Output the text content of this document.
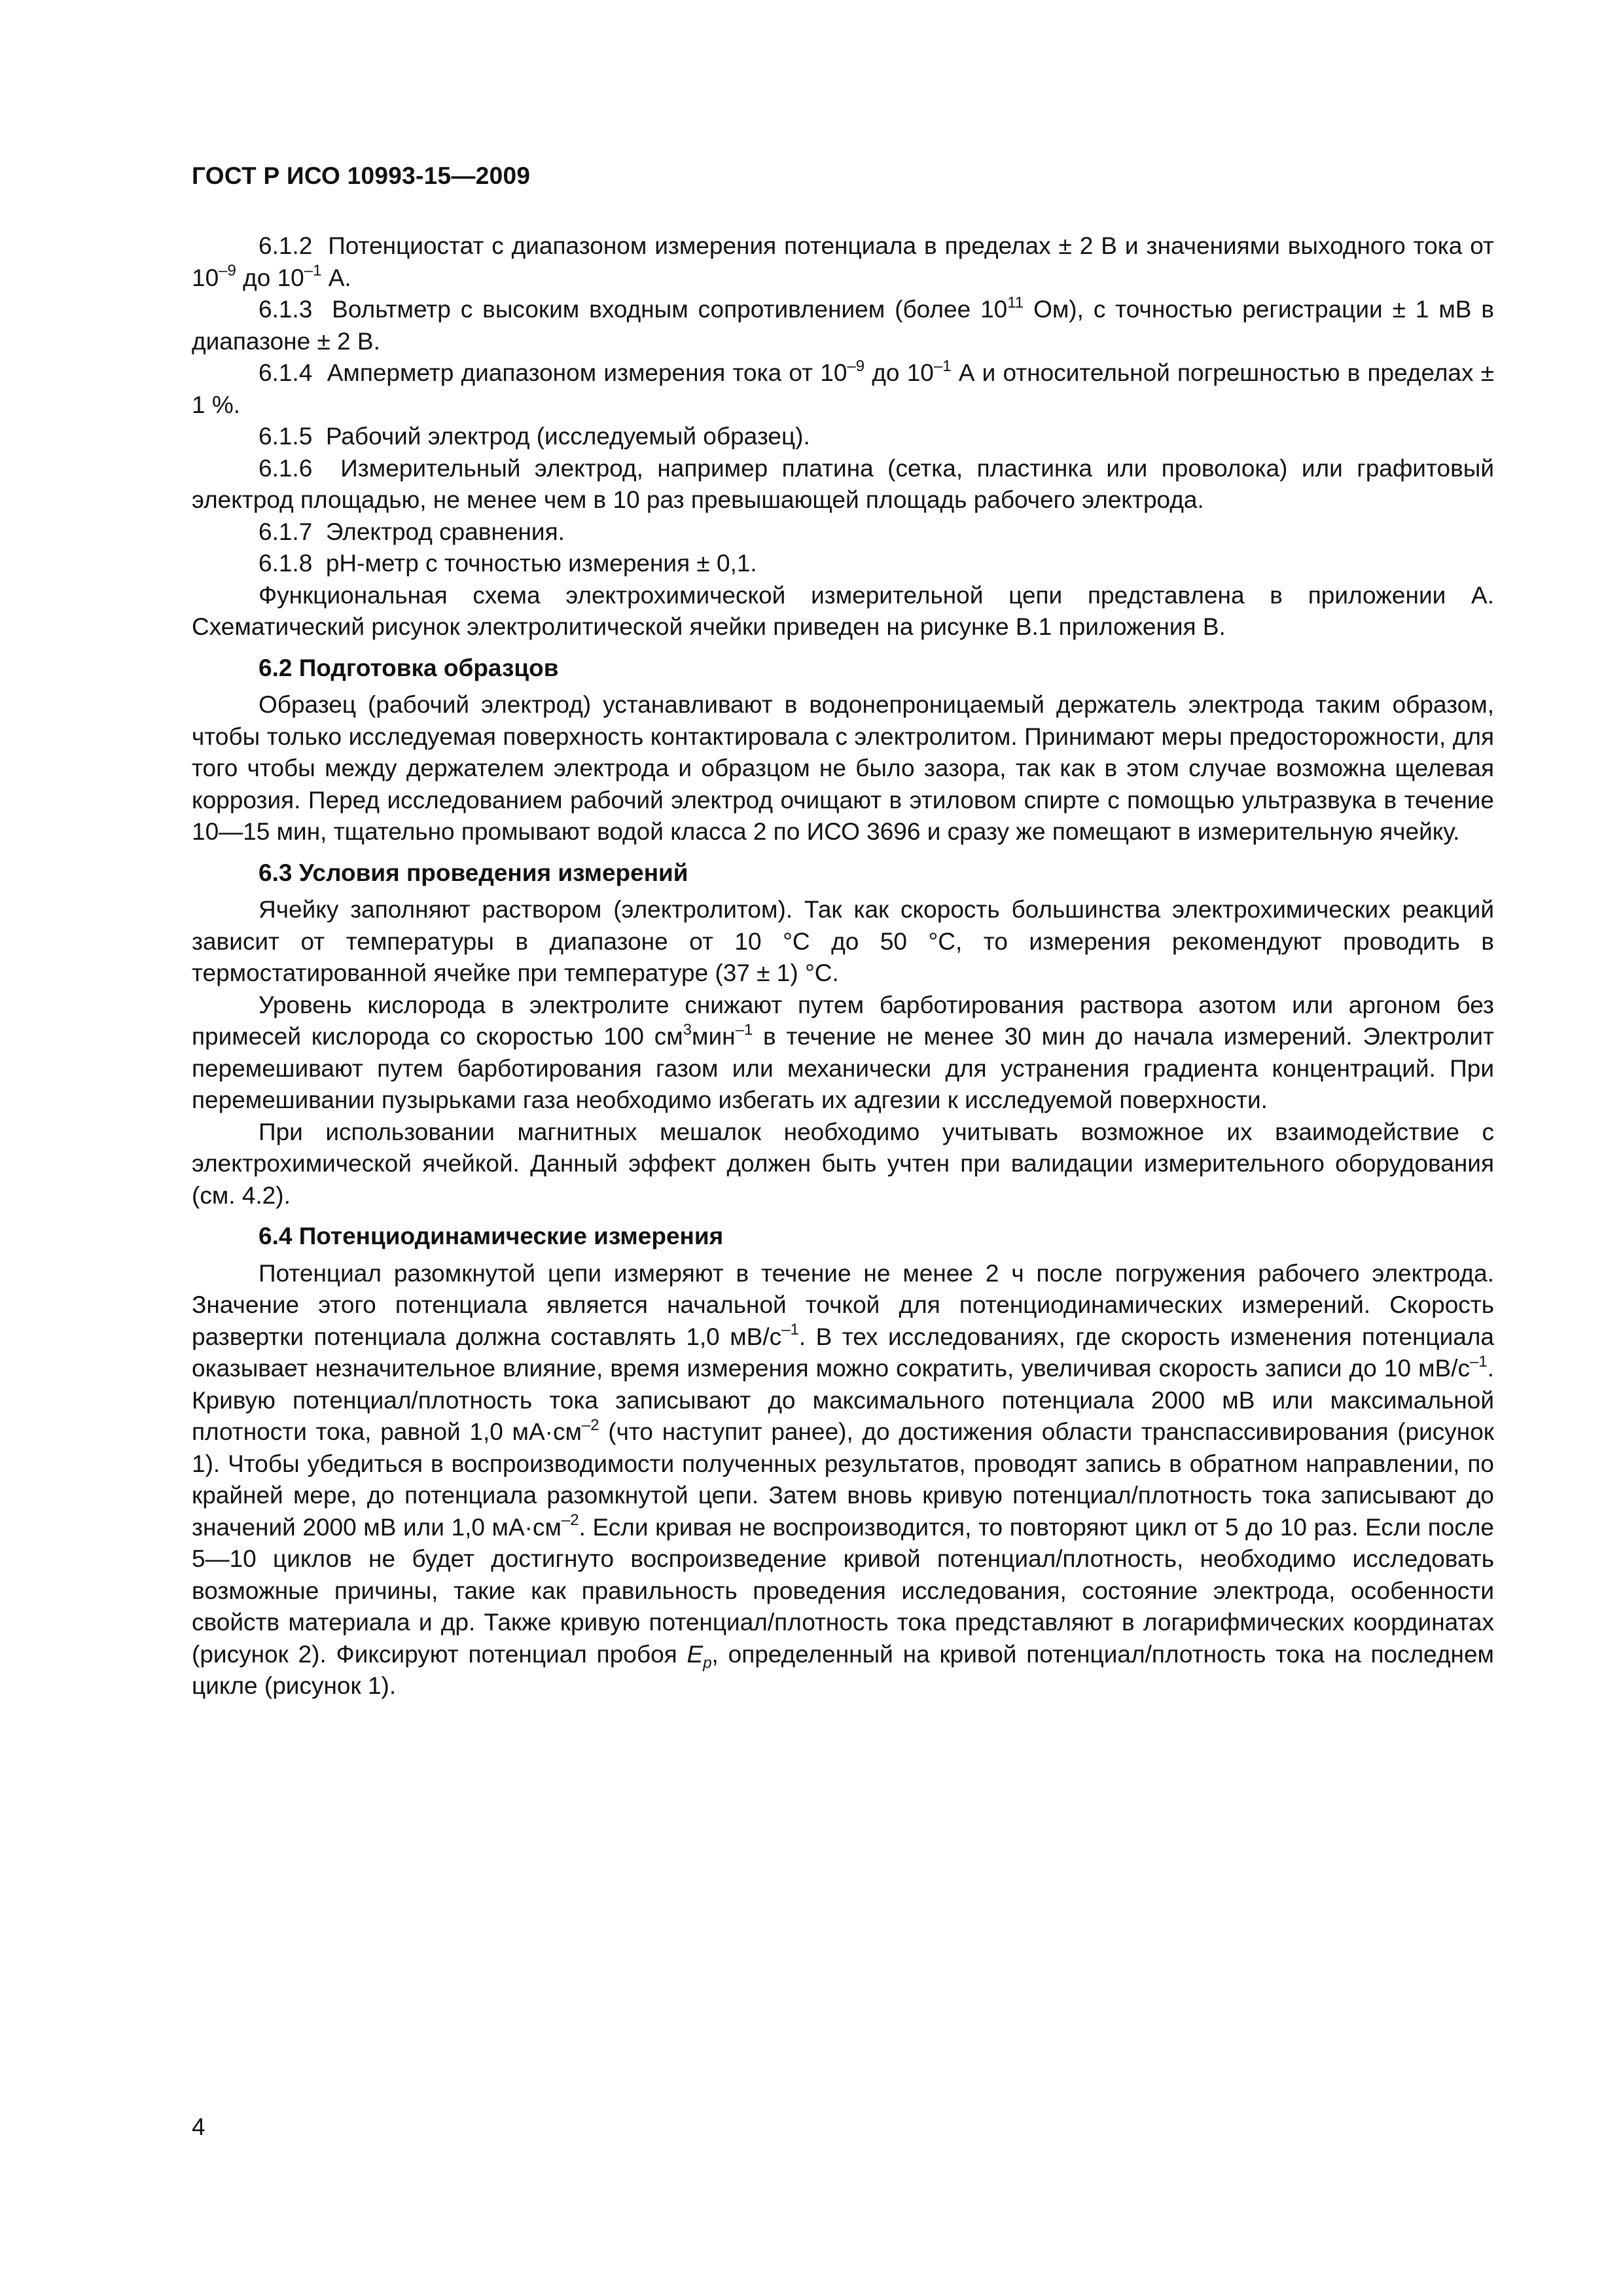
ГОСТ Р ИСО 10993-15—2009

6.1.2 Потенциостат с диапазоном измерения потенциала в пределах ± 2 В и значениями выходного тока от $10^{-9}$ до $10^{-1}$ А.

6.1.3 Вольтметр с высоким входным сопротивлением (более $10^{11}$ Ом), с точностью регистрации ± 1 мВ в диапазоне ± 2 В.

6.1.4 Амперметр диапазоном измерения тока от $10^{-9}$ до $10^{-1}$ А и относительной погрешностью в пределах ± 1 %.

6.1.5 Рабочий электрод (исследуемый образец).

6.1.6 Измерительный электрод, например платина (сетка, пластинка или проволока) или графитовый электрод площадью, не менее чем в 10 раз превышающей площадь рабочего электрода.

6.1.7 Электрод сравнения.

6.1.8 pH-метр с точностью измерения ± 0,1.

Функциональная схема электрохимической измерительной цепи представлена в приложении А. Схематический рисунок электролитической ячейки приведен на рисунке В.1 приложения В.

6.2 Подготовка образцов

Образец (рабочий электрод) устанавливают в водонепроницаемый держатель электрода таким образом, чтобы только исследуемая поверхность контактировала с электролитом. Принимают меры предосторожности, для того чтобы между держателем электрода и образцом не было зазора, так как в этом случае возможна щелевая коррозия. Перед исследованием рабочий электрод очищают в этиловом спирте с помощью ультразвука в течение 10—15 мин, тщательно промывают водой класса 2 по ИСО 3696 и сразу же помещают в измерительную ячейку.

6.3 Условия проведения измерений

Ячейку заполняют раствором (электролитом). Так как скорость большинства электрохимических реакций зависит от температуры в диапазоне от 10 °С до 50 °С, то измерения рекомендуют проводить в термостатированной ячейке при температуре (37 ± 1) °С.

Уровень кислорода в электролите снижают путем барботирования раствора азотом или аргоном без примесей кислорода со скоростью 100 $см^3мин^{-1}$ в течение не менее 30 мин до начала измерений. Электролит перемешивают путем барботирования газом или механически для устранения градиента концентраций. При перемешивании пузырьками газа необходимо избегать их адгезии к исследуемой поверхности.

При использовании магнитных мешалок необходимо учитывать возможное их взаимодействие с электрохимической ячейкой. Данный эффект должен быть учтен при валидации измерительного оборудования (см. 4.2).

6.4 Потенциодинамические измерения

Потенциал разомкнутой цепи измеряют в течение не менее 2 ч после погружения рабочего электрода. Значение этого потенциала является начальной точкой для потенциодинамических измерений. Скорость развертки потенциала должна составлять 1,0 $мВ/с^{-1}$. В тех исследованиях, где скорость изменения потенциала оказывает незначительное влияние, время измерения можно сократить, увеличивая скорость записи до 10 $мВ/с^{-1}$. Кривую потенциал/плотность тока записывают до максимального потенциала 2000 мВ или максимальной плотности тока, равной 1,0 $мА\cdot см^{-2}$ (что наступит ранее), до достижения области транспассивирования (рисунок 1). Чтобы убедиться в воспроизводимости полученных результатов, проводят запись в обратном направлении, по крайней мере, до потенциала разомкнутой цепи. Затем вновь кривую потенциал/плотность тока записывают до значений 2000 мВ или 1,0 $мА\cdot см^{-2}$. Если кривая не воспроизводится, то повторяют цикл от 5 до 10 раз. Если после 5—10 циклов не будет достигнуто воспроизведение кривой потенциал/плотность, необходимо исследовать возможные причины, такие как правильность проведения исследования, состояние электрода, особенности свойств материала и др. Также кривую потенциал/плотность тока представляют в логарифмических координатах (рисунок 2). Фиксируют потенциал пробоя $E_p$, определенный на кривой потенциал/плотность тока на последнем цикле (рисунок 1).

4
